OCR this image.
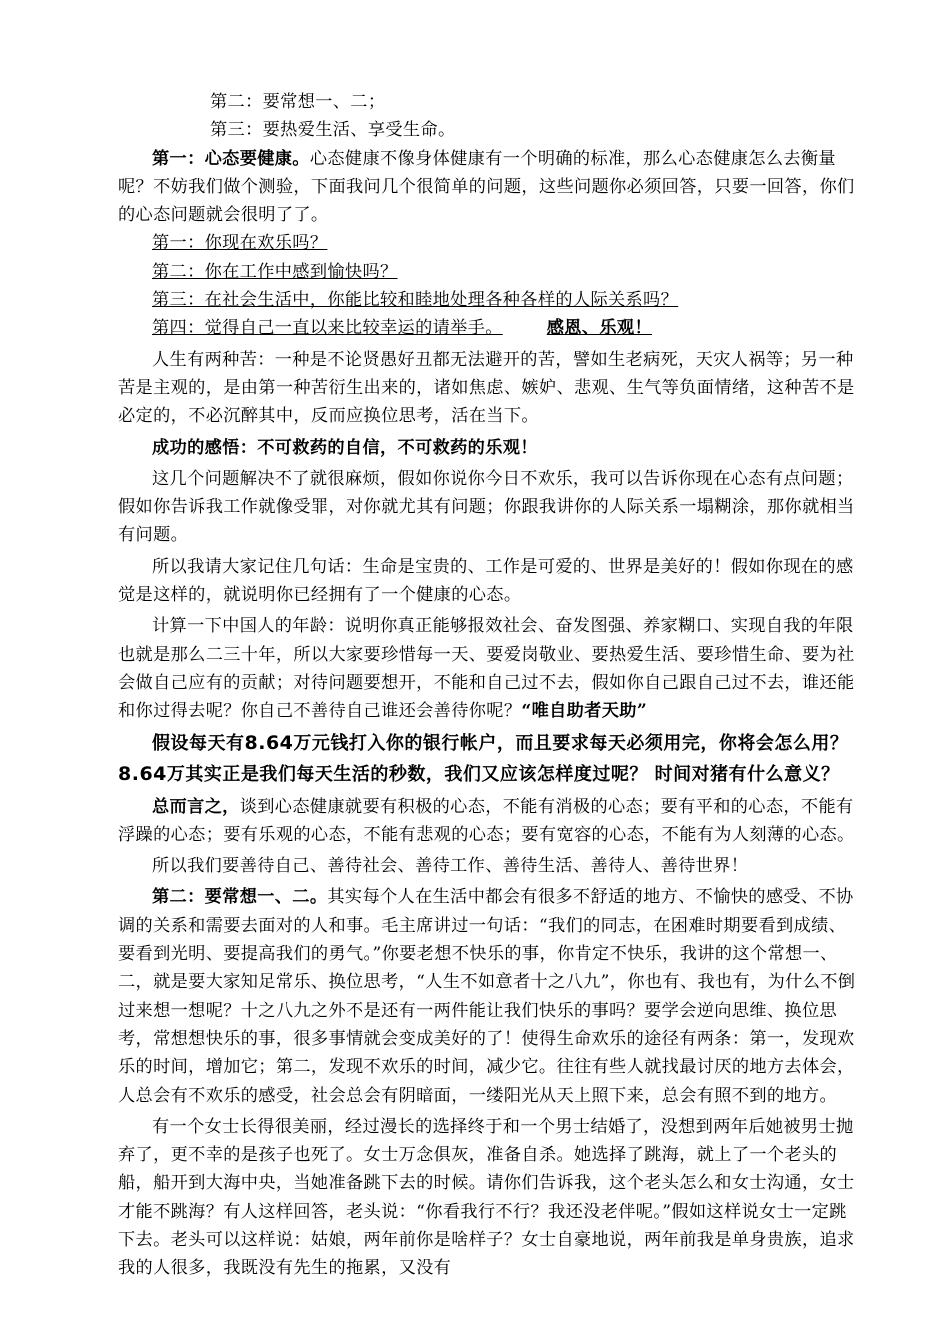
第二：要常想一、二；

第三：要热爱生活、享受生命。

第一：心态要健康。心态健康不像身体健康有一个明确的标准，那么心态健康怎么去衡量呢？不妨我们做个测验，下面我问几个很简单的问题，这些问题你必须回答，只要一回答，你们的心态问题就会很明了了。

第一：你现在欢乐吗？

第二：你在工作中感到愉快吗？

第三：在社会生活中，你能比较和睦地处理各种各样的人际关系吗？

第四：觉得自己一直以来比较幸运的请举手。	感恩、乐观！

人生有两种苦：一种是不论贤愚好丑都无法避开的苦，譬如生老病死，天灾人祸等；另一种苦是主观的，是由第一种苦衍生出来的，诸如焦虑、嫉妒、悲观、生气等负面情绪，这种苦不是必定的，不必沉醉其中，反而应换位思考，活在当下。

成功的感悟：不可救药的自信，不可救药的乐观！

这几个问题解决不了就很麻烦，假如你说你今日不欢乐，我可以告诉你现在心态有点问题；假如你告诉我工作就像受罪，对你就尤其有问题；你跟我讲你的人际关系一塌糊涂，那你就相当有问题。

所以我请大家记住几句话：生命是宝贵的、工作是可爱的、世界是美好的！假如你现在的感觉是这样的，就说明你已经拥有了一个健康的心态。

计算一下中国人的年龄：说明你真正能够报效社会、奋发图强、养家糊口、实现自我的年限也就是那么二三十年，所以大家要珍惜每一天、要爱岗敬业、要热爱生活、要珍惜生命、要为社会做自己应有的贡献；对待问题要想开，不能和自己过不去，假如你自己跟自己过不去，谁还能和你过得去呢？你自己不善待自己谁还会善待你呢？“唯自助者天助”

假设每天有8.64万元钱打入你的银行帐户，而且要求每天必须用完，你将会怎么用？8.64万其实正是我们每天生活的秒数，我们又应该怎样度过呢？ 时间对猪有什么意义？

总而言之，谈到心态健康就要有积极的心态，不能有消极的心态；要有平和的心态，不能有浮躁的心态；要有乐观的心态，不能有悲观的心态；要有宽容的心态，不能有为人刻薄的心态。

所以我们要善待自己、善待社会、善待工作、善待生活、善待人、善待世界！

第二：要常想一、二。其实每个人在生活中都会有很多不舒适的地方、不愉快的感受、不协调的关系和需要去面对的人和事。毛主席讲过一句话：“我们的同志，在困难时期要看到成绩、要看到光明、要提高我们的勇气。”你要老想不快乐的事，你肯定不快乐，我讲的这个常想一、二，就是要大家知足常乐、换位思考，“人生不如意者十之八九”，你也有、我也有，为什么不倒过来想一想呢？十之八九之外不是还有一两件能让我们快乐的事吗？要学会逆向思维、换位思考，常想想快乐的事，很多事情就会变成美好的了！使得生命欢乐的途径有两条：第一，发现欢乐的时间，增加它；第二，发现不欢乐的时间，减少它。往往有些人就找最讨厌的地方去体会，人总会有不欢乐的感受，社会总会有阴暗面，一缕阳光从天上照下来，总会有照不到的地方。

有一个女士长得很美丽，经过漫长的选择终于和一个男士结婚了，没想到两年后她被男士抛弃了，更不幸的是孩子也死了。女士万念俱灰，准备自杀。她选择了跳海，就上了一个老头的船，船开到大海中央，当她准备跳下去的时候。请你们告诉我，这个老头怎么和女士沟通，女士才能不跳海？有人这样回答，老头说：“你看我行不行？我还没老伴呢。”假如这样说女士一定跳下去。老头可以这样说：姑娘，两年前你是啥样子？女士自豪地说，两年前我是单身贵族，追求我的人很多，我既没有先生的拖累，又没有
